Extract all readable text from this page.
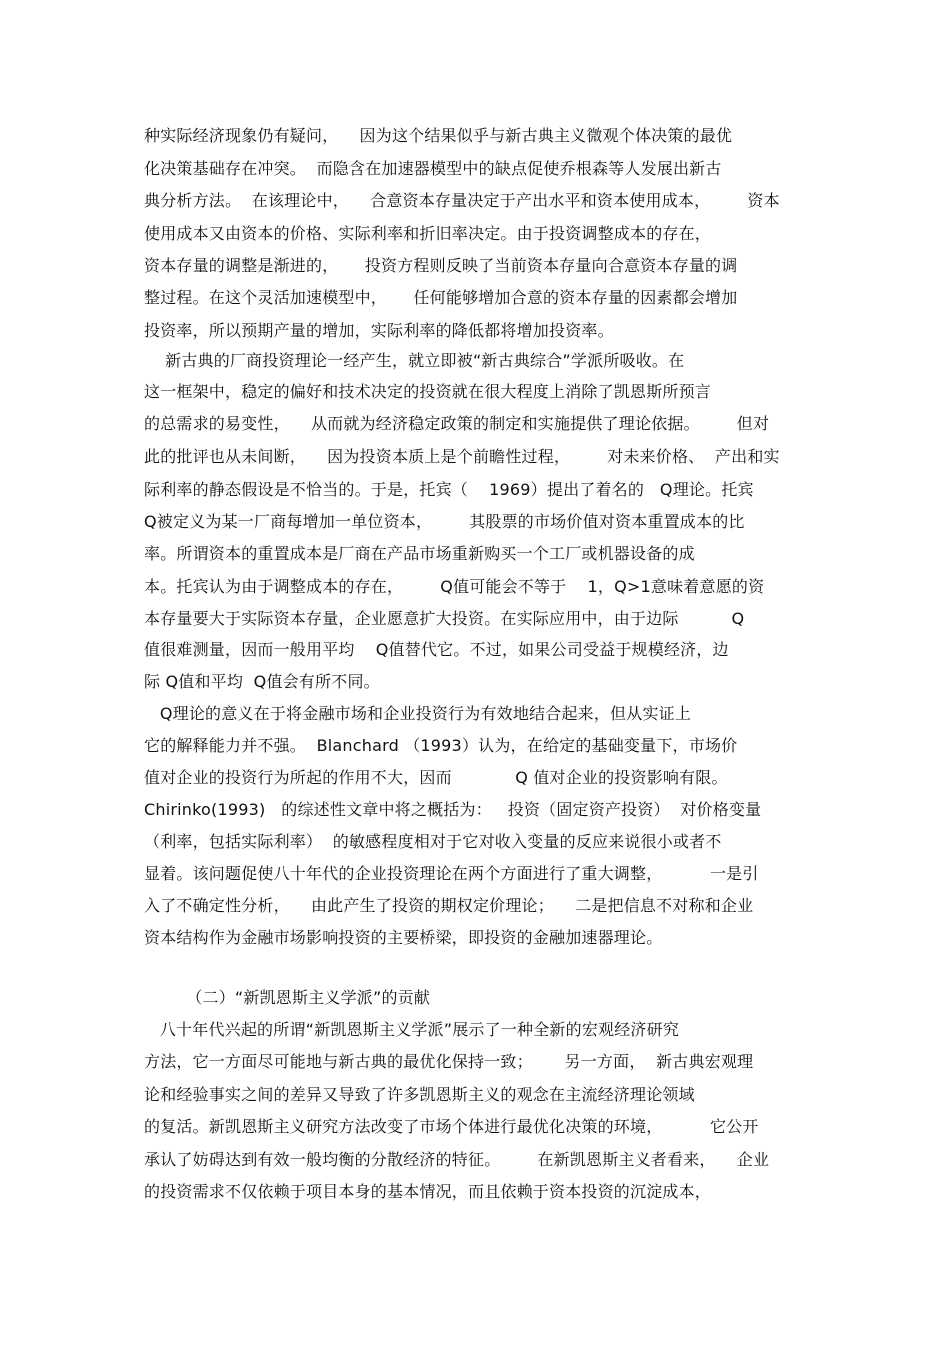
种实际经济现象仍有疑问，    因为这个结果似乎与新古典主义微观个体决策的最优
化决策基础存在冲突。  而隐含在加速器模型中的缺点促使乔根森等人发展出新古
典分析方法。  在该理论中，    合意资本存量决定于产出水平和资本使用成本，       资本
使用成本又由资本的价格、实际利率和折旧率决定。由于投资调整成本的存在，
资本存量的调整是渐进的，     投资方程则反映了当前资本存量向合意资本存量的调
整过程。在这个灵活加速模型中，     任何能够增加合意的资本存量的因素都会增加
投资率，所以预期产量的增加，实际利率的降低都将增加投资率。
新古典的厂商投资理论一经产生，就立即被“新古典综合”学派所吸收。在
这一框架中，稳定的偏好和技术决定的投资就在很大程度上消除了凯恩斯所预言
的总需求的易变性，    从而就为经济稳定政策的制定和实施提供了理论依据。       但对
此的批评也从未间断，    因为投资本质上是个前瞻性过程，       对未来价格、  产出和实
际利率的静态假设是不恰当的。于是，托宾（    1969）提出了着名的   Q理论。托宾
Q被定义为某一厂商每增加一单位资本，       其股票的市场价值对资本重置成本的比
率。所谓资本的重置成本是厂商在产品市场重新购买一个工厂或机器设备的成
本。托宾认为由于调整成本的存在，       Q值可能会不等于    1，Q>1意味着意愿的资
本存量要大于实际资本存量，企业愿意扩大投资。在实际应用中，由于边际          Q
值很难测量，因而一般用平均    Q值替代它。不过，如果公司受益于规模经济，边
际 Q值和平均  Q值会有所不同。
Q理论的意义在于将金融市场和企业投资行为有效地结合起来，但从实证上
它的解释能力并不强。  Blanchard （1993）认为，在给定的基础变量下，市场价
值对企业的投资行为所起的作用不大，因而            Q 值对企业的投资影响有限。
Chirinko(1993)   的综述性文章中将之概括为：   投资（固定资产投资）  对价格变量
（利率，包括实际利率）  的敏感程度相对于它对收入变量的反应来说很小或者不
显着。该问题促使八十年代的企业投资理论在两个方面进行了重大调整，         一是引
入了不确定性分析，    由此产生了投资的期权定价理论；    二是把信息不对称和企业
资本结构作为金融市场影响投资的主要桥梁，即投资的金融加速器理论。
（二）“新凯恩斯主义学派”的贡献
八十年代兴起的所谓“新凯恩斯主义学派”展示了一种全新的宏观经济研究
方法，它一方面尽可能地与新古典的最优化保持一致；      另一方面，  新古典宏观理
论和经验事实之间的差异又导致了许多凯恩斯主义的观念在主流经济理论领域
的复活。新凯恩斯主义研究方法改变了市场个体进行最优化决策的环境，         它公开
承认了妨碍达到有效一般均衡的分散经济的特征。       在新凯恩斯主义者看来，    企业
的投资需求不仅依赖于项目本身的基本情况，而且依赖于资本投资的沉淀成本，
